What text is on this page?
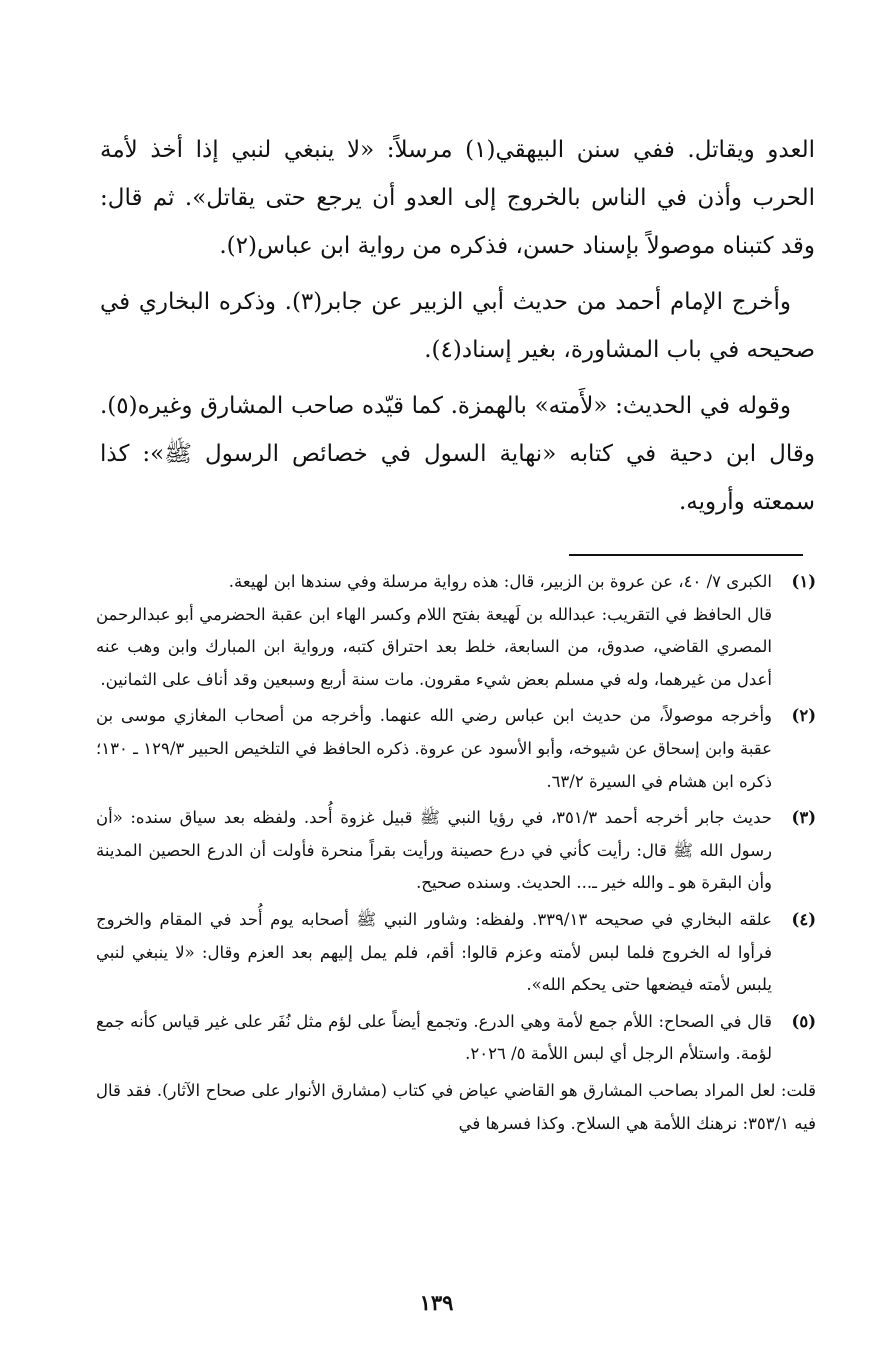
العدو ويقاتل. ففي سنن البيهقي(١) مرسلاً: «لا ينبغي لنبي إذا أخذ لأمة الحرب وأذن في الناس بالخروج إلى العدو أن يرجع حتى يقاتل». ثم قال: وقد كتبناه موصولاً بإسناد حسن، فذكره من رواية ابن عباس(٢).

وأخرج الإمام أحمد من حديث أبي الزبير عن جابر(٣). وذكره البخاري في صحيحه في باب المشاورة، بغير إسناد(٤).

وقوله في الحديث: «لأَمته» بالهمزة. كما قيّده صاحب المشارق وغيره(٥). وقال ابن دحية في كتابه «نهاية السول في خصائص الرسول ﷺ»: كذا سمعته وأرويه.

(١)
الكبرى ٧/ ٤٠، عن عروة بن الزبير، قال: هذه رواية مرسلة وفي سندها ابن لهيعة.
قال الحافظ في التقريب: عبدالله بن لَهيعة بفتح اللام وكسر الهاء ابن عقبة الحضرمي أبو عبدالرحمن المصري القاضي، صدوق، من السابعة، خلط بعد احتراق كتبه، ورواية ابن المبارك وابن وهب عنه أعدل من غيرهما، وله في مسلم بعض شيء مقرون. مات سنة أربع وسبعين وقد أناف على الثمانين.
(٢)
وأخرجه موصولاً، من حديث ابن عباس رضي الله عنهما. وأخرجه من أصحاب المغازي موسى بن عقبة وابن إسحاق عن شيوخه، وأبو الأسود عن عروة. ذكره الحافظ في التلخيص الحبير ١٢٩/٣ ـ ١٣٠؛ ذكره ابن هشام في السيرة ٦٣/٢.
(٣)
حديث جابر أخرجه أحمد ٣٥١/٣، في رؤيا النبي ﷺ قبيل غزوة أُحد. ولفظه بعد سياق سنده: «أن رسول الله ﷺ قال: رأيت كأني في درع حصينة ورأيت بقراً منحرة فأولت أن الدرع الحصين المدينة وأن البقرة هو ـ والله خير ـ... الحديث. وسنده صحيح.
(٤)
علقه البخاري في صحيحه ٣٣٩/١٣. ولفظه: وشاور النبي ﷺ أصحابه يوم أُحد في المقام والخروج فرأوا له الخروج فلما لبس لأمته وعزم قالوا: أقم، فلم يمل إليهم بعد العزم وقال: «لا ينبغي لنبي يلبس لأمته فيضعها حتى يحكم الله».
(٥)
قال في الصحاح: اللأم جمع لأمة وهي الدرع. وتجمع أيضاً على لؤم مثل نُفَر على غير قياس كأنه جمع لؤمة. واستلأم الرجل أي لبس اللأمة ٥/ ٢٠٢٦.
قلت: لعل المراد بصاحب المشارق هو القاضي عياض في كتاب (مشارق الأنوار على صحاح الآثار). فقد قال فيه ٣٥٣/١: نرهنك اللأمة هي السلاح. وكذا فسرها في
١٣٩
